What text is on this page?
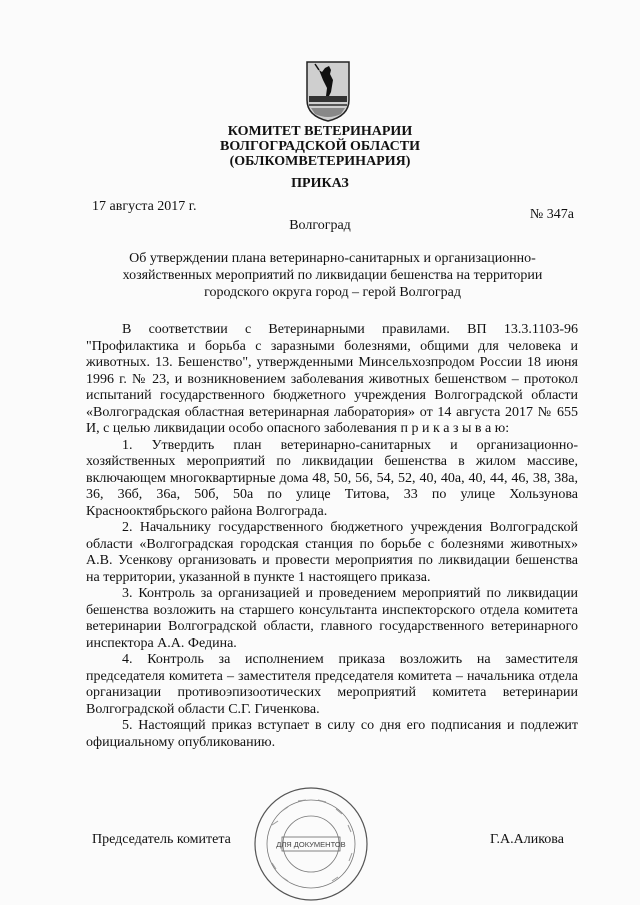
КОМИТЕТ ВЕТЕРИНАРИИ
ВОЛГОГРАДСКОЙ ОБЛАСТИ
(ОБЛКОМВЕТЕРИНАРИЯ)
ПРИКАЗ
17 августа 2017 г.
№ 347а
Волгоград
Об утверждении плана ветеринарно-санитарных и организационно-хозяйственных мероприятий по ликвидации бешенства на территории городского округа город – герой Волгоград

В соответствии с Ветеринарными правилами. ВП 13.3.1103-96 "Профилактика и борьба с заразными болезнями, общими для человека и животных. 13. Бешенство", утвержденными Минсельхозпродом России 18 июня 1996 г. № 23, и возникновением заболевания животных бешенством – протокол испытаний государственного бюджетного учреждения Волгоградской области «Волгоградская областная ветеринарная лаборатория» от 14 августа 2017 № 655 И, с целью ликвидации особо опасного заболевания п р и к а з ы в а ю:

1. Утвердить план ветеринарно-санитарных и организационно-хозяйственных мероприятий по ликвидации бешенства в жилом массиве, включающем многоквартирные дома 48, 50, 56, 54, 52, 40, 40а, 40, 44, 46, 38, 38а, 36, 36б, 36а, 50б, 50а по улице Титова, 33 по улице Хользунова Краснооктябрьского района Волгограда.

2. Начальнику государственного бюджетного учреждения Волгоградской области «Волгоградская городская станция по борьбе с болезнями животных» А.В. Усенкову организовать и провести мероприятия по ликвидации бешенства на территории, указанной в пункте 1 настоящего приказа.

3. Контроль за организацией и проведением мероприятий по ликвидации бешенства возложить на старшего консультанта инспекторского отдела комитета ветеринарии Волгоградской области, главного государственного ветеринарного инспектора А.А. Федина.

4. Контроль за исполнением приказа возложить на заместителя председателя комитета – заместителя председателя комитета – начальника отдела организации противоэпизоотических мероприятий комитета ветеринарии Волгоградской области С.Г. Гиченкова.

5. Настоящий приказ вступает в силу со дня его подписания и подлежит официальному опубликованию.

Председатель комитета	Г.А.Аликова
ДЛЯ ДОКУМЕНТОВ
